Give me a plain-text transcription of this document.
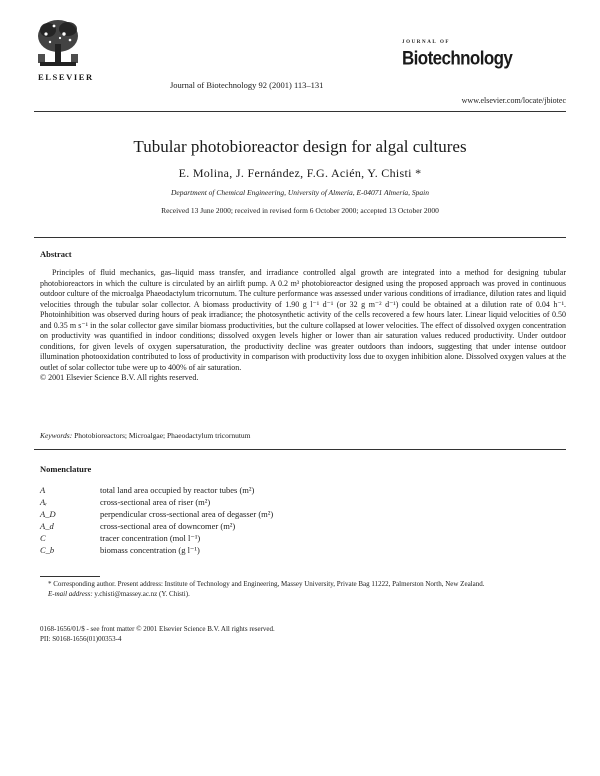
ELSEVIER
Journal of Biotechnology 92 (2001) 113–131
JOURNAL OF
Biotechnology
www.elsevier.com/locate/jbiotec
Tubular photobioreactor design for algal cultures
E. Molina, J. Fernández, F.G. Acién, Y. Chisti *
Department of Chemical Engineering, University of Almería, E-04071 Almería, Spain
Received 13 June 2000; received in revised form 6 October 2000; accepted 13 October 2000
Abstract

Principles of fluid mechanics, gas–liquid mass transfer, and irradiance controlled algal growth are integrated into a method for designing tubular photobioreactors in which the culture is circulated by an airlift pump. A 0.2 m³ photobioreactor designed using the proposed approach was proved in continuous outdoor culture of the microalga Phaeodactylum tricornutum. The culture performance was assessed under various conditions of irradiance, dilution rates and liquid velocities through the tubular solar collector. A biomass productivity of 1.90 g l⁻¹ d⁻¹ (or 32 g m⁻² d⁻¹) could be obtained at a dilution rate of 0.04 h⁻¹. Photoinhibition was observed during hours of peak irradiance; the photosynthetic activity of the cells recovered a few hours later. Linear liquid velocities of 0.50 and 0.35 m s⁻¹ in the solar collector gave similar biomass productivities, but the culture collapsed at lower velocities. The effect of dissolved oxygen concentration on productivity was quantified in indoor conditions; dissolved oxygen levels higher or lower than air saturation values reduced productivity. Under outdoor conditions, for given levels of oxygen supersaturation, the productivity decline was greater outdoors than indoors, suggesting that under intense outdoor illumination photooxidation contributed to loss of productivity in comparison with productivity loss due to oxygen inhibition alone. Dissolved oxygen values at the outlet of solar collector tube were up to 400% of air saturation.

© 2001 Elsevier Science B.V. All rights reserved.

Keywords: Photobioreactors; Microalgae; Phaeodactylum tricornutum
Nomenclature
A	total land area occupied by reactor tubes (m²)
Aᵣ	cross-sectional area of riser (m²)
A_D	perpendicular cross-sectional area of degasser (m²)
A_d	cross-sectional area of downcomer (m²)
C	tracer concentration (mol l⁻¹)
C_b	biomass concentration (g l⁻¹)

* Corresponding author. Present address: Institute of Technology and Engineering, Massey University, Private Bag 11222, Palmerston North, New Zealand.

E-mail address: y.chisti@massey.ac.nz (Y. Chisti).

0168-1656/01/$ - see front matter © 2001 Elsevier Science B.V. All rights reserved.
PII: S0168-1656(01)00353-4
